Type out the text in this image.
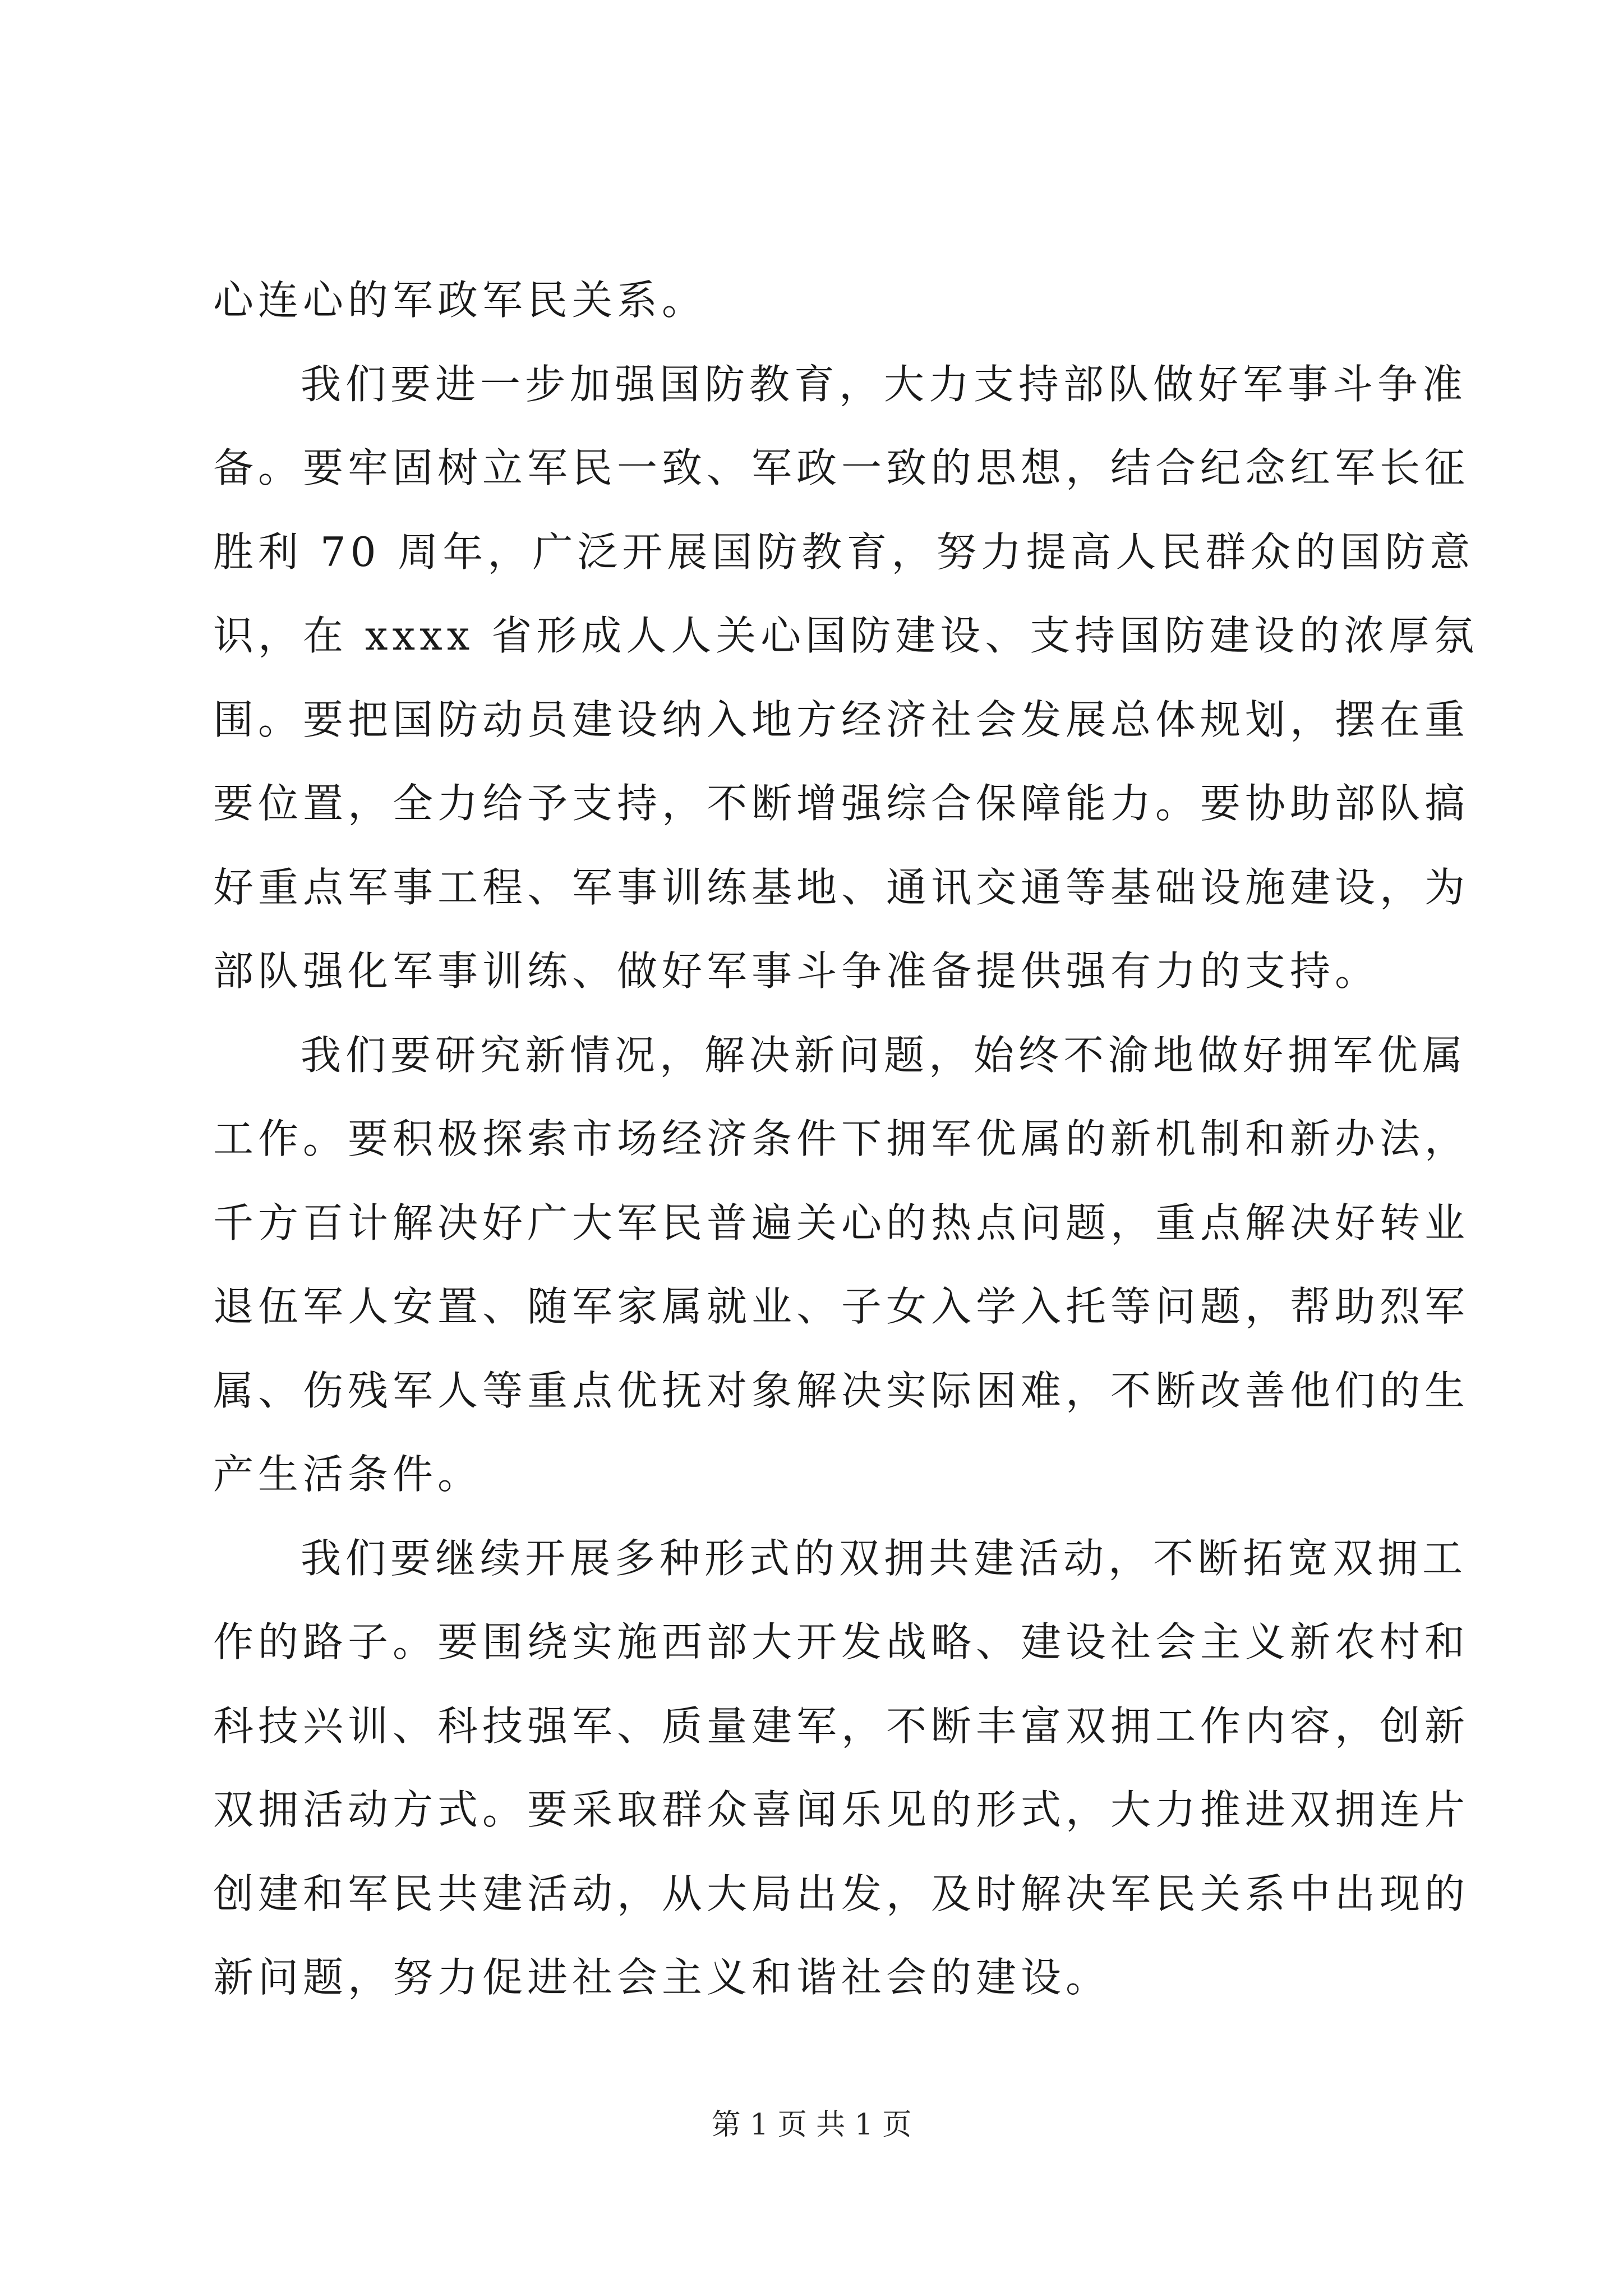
心连心的军政军民关系。
我们要进一步加强国防教育，大力支持部队做好军事斗争准
备。要牢固树立军民一致、军政一致的思想，结合纪念红军长征
胜利 70 周年，广泛开展国防教育，努力提高人民群众的国防意
识，在 xxxx 省形成人人关心国防建设、支持国防建设的浓厚氛
围。要把国防动员建设纳入地方经济社会发展总体规划，摆在重
要位置，全力给予支持，不断增强综合保障能力。要协助部队搞
好重点军事工程、军事训练基地、通讯交通等基础设施建设，为
部队强化军事训练、做好军事斗争准备提供强有力的支持。
我们要研究新情况，解决新问题，始终不渝地做好拥军优属
工作。要积极探索市场经济条件下拥军优属的新机制和新办法，
千方百计解决好广大军民普遍关心的热点问题，重点解决好转业
退伍军人安置、随军家属就业、子女入学入托等问题，帮助烈军
属、伤残军人等重点优抚对象解决实际困难，不断改善他们的生
产生活条件。
我们要继续开展多种形式的双拥共建活动，不断拓宽双拥工
作的路子。要围绕实施西部大开发战略、建设社会主义新农村和
科技兴训、科技强军、质量建军，不断丰富双拥工作内容，创新
双拥活动方式。要采取群众喜闻乐见的形式，大力推进双拥连片
创建和军民共建活动，从大局出发，及时解决军民关系中出现的
新问题，努力促进社会主义和谐社会的建设。
第 1 页 共 1 页
